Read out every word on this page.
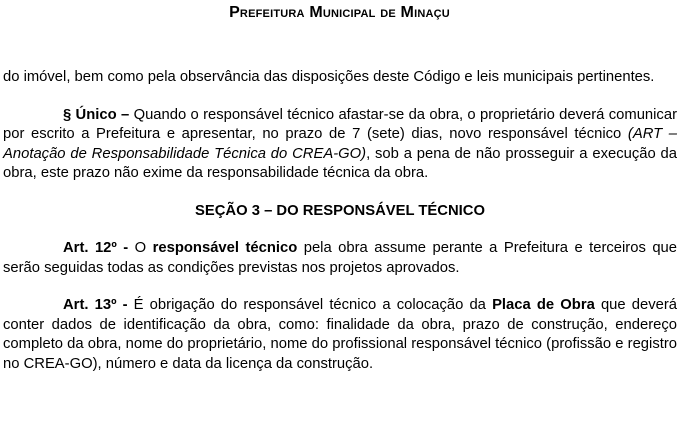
Prefeitura Municipal de Minaçu

do imóvel, bem como pela observância das disposições deste Código e leis municipais pertinentes.

§ Único – Quando o responsável técnico afastar-se da obra, o proprietário deverá comunicar por escrito a Prefeitura e apresentar, no prazo de 7 (sete) dias, novo responsável técnico (ART – Anotação de Responsabilidade Técnica do CREA-GO), sob a pena de não prosseguir a execução da obra, este prazo não exime da responsabilidade técnica da obra.

SEÇÃO 3 – DO RESPONSÁVEL TÉCNICO

Art. 12º - O responsável técnico pela obra assume perante a Prefeitura e terceiros que serão seguidas todas as condições previstas nos projetos aprovados.

Art. 13º - É obrigação do responsável técnico a colocação da Placa de Obra que deverá conter dados de identificação da obra, como: finalidade da obra, prazo de construção, endereço completo da obra, nome do proprietário, nome do profissional responsável técnico (profissão e registro no CREA-GO), número e data da licença da construção.
